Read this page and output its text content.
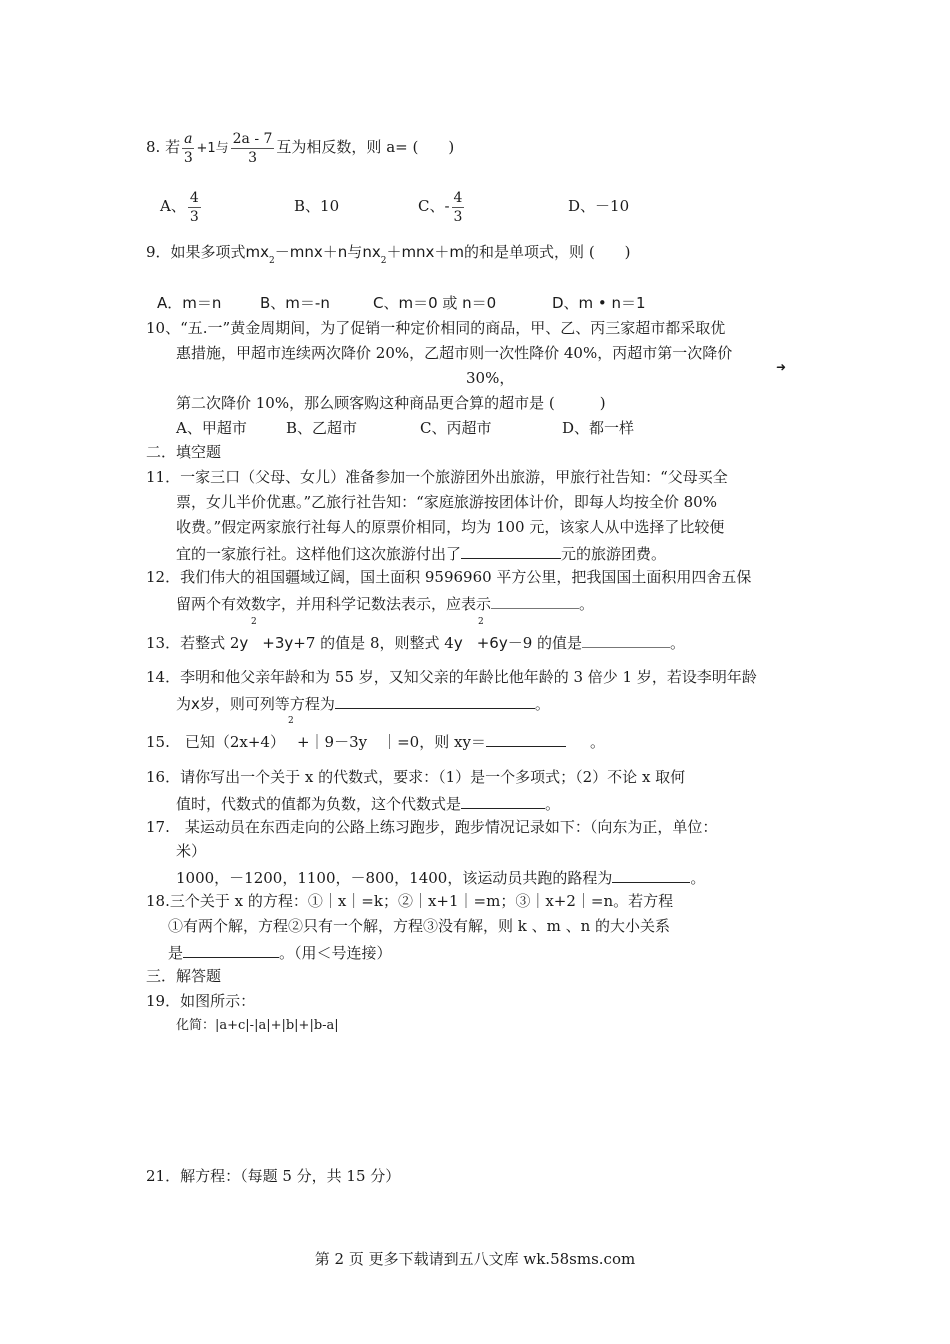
8. 若 $\frac{a}{3} +1$与 $\frac{2a - 7}{3}$ 互为相反数，则 a= (　　)
A、 $\frac{4}{3}$	B、10	C、- $\frac{4}{3}$	D、－10
9．如果多项式$mx_2-mnx+n$与$nx_2+mnx+m$的和是单项式，则 (　　)
A．m＝n	B、m＝-n	C、m＝0 或 n＝0	D、m • n＝1
10、“五.一”黄金周期间，为了促销一种定价相同的商品，甲、乙、丙三家超市都采取优
惠措施，甲超市连续两次降价 20%，乙超市则一次性降价 40%，丙超市第一次降价
➜
30%，
第二次降价 10%，那么顾客购这种商品更合算的超市是 (　　　)
A、甲超市	B、乙超市	C、丙超市	D、都一样
二．填空题
11．一家三口（父母、女儿）准备参加一个旅游团外出旅游，甲旅行社告知：“父母买全
票，女儿半价优惠。”乙旅行社告知：“家庭旅游按团体计价，即每人均按全价 80%
收费。”假定两家旅行社每人的原票价相同，均为 100 元，该家人从中选择了比较便
宜的一家旅行社。这样他们这次旅游付出了	元的旅游团费。
12．我们伟大的祖国疆域辽阔，国土面积 9596960 平方公里，把我国国土面积用四舍五保
留两个有效数字，并用科学记数法表示，应表示	。
2	2
13．若整式 2y +3y+7 的值是 8，则整式 4y +6y－9 的值是	。
14．李明和他父亲年龄和为 55 岁，又知父亲的年龄比他年龄的 3 倍少 1 岁，若设李明年龄
为x岁，则可列等方程为	。
2
15.　已知（2x+4） +｜9－3y　｜=0，则 xy＝	。
16．请你写出一个关于 x 的代数式，要求：（1）是一个多项式；（2）不论 x 取何
值时，代数式的值都为负数，这个代数式是	。
17.　某运动员在东西走向的公路上练习跑步，跑步情况记录如下：（向东为正，单位：
米）
1000，－1200，1100，－800，1400，该运动员共跑的路程为	。
18.三个关于 x 的方程：①｜x｜=k；②｜x+1｜=m；③｜x+2｜=n。若方程
①有两个解，方程②只有一个解，方程③没有解，则 k 、m 、n 的大小关系
是	。（用＜号连接）
三．解答题
19．如图所示：
化简：|a+c|-|a|+|b|+|b-a|
21．解方程：（每题 5 分，共 15 分）
第 2 页 更多下载请到五八文库 wk.58sms.com
